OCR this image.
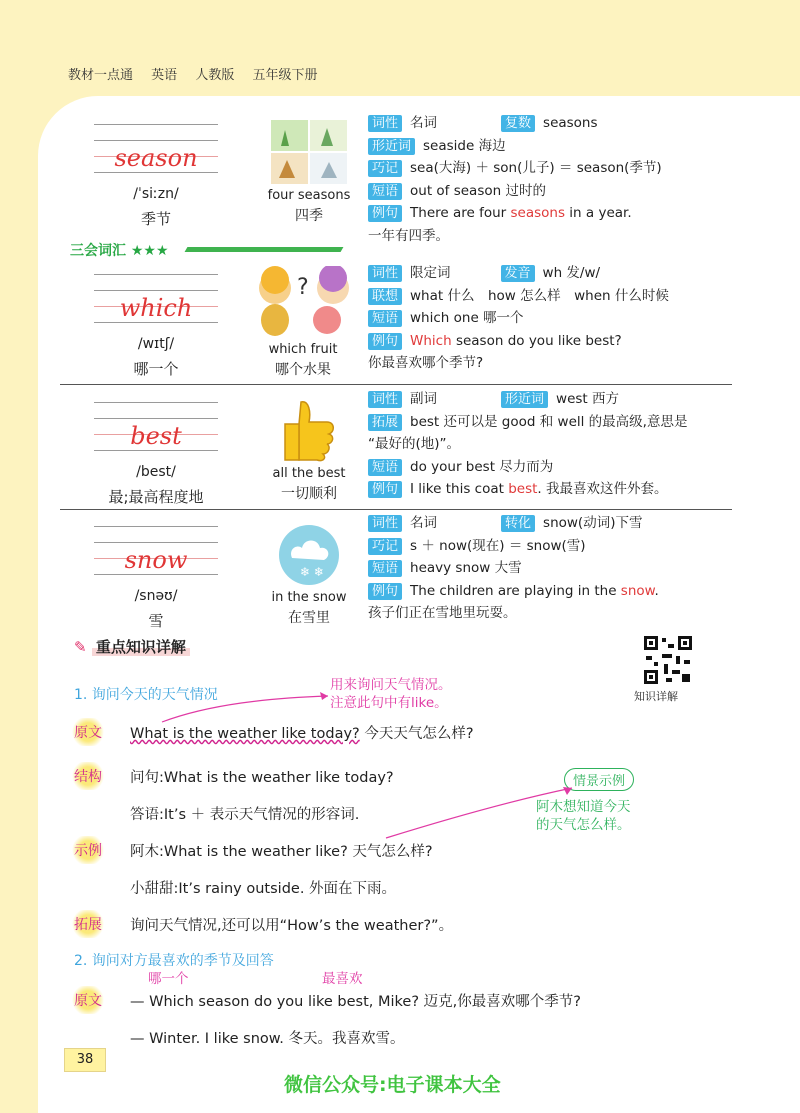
教材一点通 英语 人教版 五年级下册
season
/ˈsiːzn/
季节
four seasons
四季
词性 名词	复数 seasons
形近词 seaside 海边
巧记 sea(大海) ＋ son(儿子) ＝ season(季节)
短语 out of season 过时的
例句 There are four seasons in a year.
一年有四季。
三会词汇 ★★★
which
/wɪtʃ/
哪一个
?
which fruit
哪个水果
词性 限定词	发音 wh 发/w/
联想 what 什么　how 怎么样　when 什么时候
短语 which one 哪一个
例句 Which season do you like best?
你最喜欢哪个季节?
best
/best/
最;最高程度地
all the best
一切顺利
词性 副词	形近词 west 西方
拓展 best 还可以是 good 和 well 的最高级,意思是
“最好的(地)”。
短语 do your best 尽力而为
例句 I like this coat best. 我最喜欢这件外套。
snow
/snəʊ/
雪
❄ ❄
in the snow
在雪里
词性 名词	转化 snow(动词)下雪
巧记 s ＋ now(现在) ＝ snow(雪)
短语 heavy snow 大雪
例句 The children are playing in the snow.
孩子们正在雪地里玩耍。
✎ 重点知识详解
知识详解
1. 询问今天的天气情况
用来询问天气情况。
注意此句中有like。
原文 What is the weather like today? 今天天气怎么样?
结构 问句:What is the weather like today?
答语:It’s ＋ 表示天气情况的形容词.
情景示例
阿木想知道今天
的天气怎么样。
示例 阿木:What is the weather like? 天气怎么样?
小甜甜:It’s rainy outside. 外面在下雨。
拓展 询问天气情况,还可以用“How’s the weather?”。
2. 询问对方最喜欢的季节及回答
哪一个	最喜欢
原文 — Which season do you like best, Mike? 迈克,你最喜欢哪个季节?
— Winter. I like snow. 冬天。我喜欢雪。
38
微信公众号:电子课本大全
